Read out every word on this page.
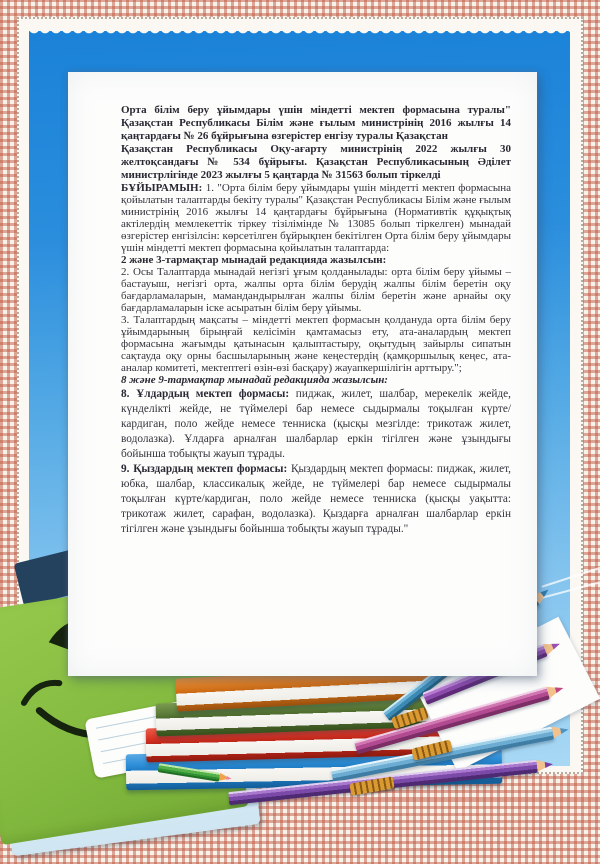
Орта білім беру ұйымдары үшін міндетті мектеп формасына туралы" Қазақстан Республикасы Білім және ғылым министрінің 2016 жылғы 14 қаңтардағы № 26 бұйрығына өзгерістер енгізу туралы Қазақстан

Қазақстан Республикасы Оқу-ағарту министрінің 2022 жылғы 30 желтоқсандағы № 534 бұйрығы. Қазақстан Республикасының Әділет министрлігінде 2023 жылғы 5 қаңтарда № 31563 болып тіркелді

БҰЙЫРАМЫН: 1. "Орта білім беру ұйымдары үшін міндетті мектеп формасына қойылатын талаптарды бекіту туралы" Қазақстан Республикасы Білім және ғылым министрінің 2016 жылғы 14 қаңтардағы бұйрығына (Нормативтік құқықтық актілердің мемлекеттік тіркеу тізілімінде № 13085 болып тіркелген) мынадай өзгерістер енгізілсін: көрсетілген бұйрықпен бекітілген Орта білім беру ұйымдары үшін міндетті мектеп формасына қойылатын талаптарда:

2 және 3-тармақтар мынадай редакцияда жазылсын:

2. Осы Талаптарда мынадай негізгі ұғым қолданылады: орта білім беру ұйымы – бастауыш, негізгі орта, жалпы орта білім берудің жалпы білім беретін оқу бағдарламаларын, мамандандырылған жалпы білім беретін және арнайы оқу бағдарламаларын іске асыратын білім беру ұйымы.

3. Талаптардың мақсаты – міндетті мектеп формасын қолдануда орта білім беру ұйымдарының бірыңғай келісімін қамтамасыз ету, ата-аналардың мектеп формасына жағымды қатынасын қалыптастыру, оқытудың зайырлы сипатын сақтауда оқу орны басшыларының және кеңестердің (қамқоршылық кеңес, ата-аналар комитеті, мектептегі өзін-өзі басқару) жауапкершілігін арттыру.";

8 және 9-тармақтар мынадай редакцияда жазылсын:

8. Ұлдардың мектеп формасы: пиджак, жилет, шалбар, мерекелік жейде, күнделікті жейде, не түймелері бар немесе сыдырмалы тоқылған күрте/кардиган, поло жейде немесе тенниска (қысқы мезгілде: трикотаж жилет, водолазка). Ұлдарға арналған шалбарлар еркін тігілген және ұзындығы бойынша тобықты жауып тұрады.

9. Қыздардың мектеп формасы: Қыздардың мектеп формасы: пиджак, жилет, юбка, шалбар, классикалық жейде, не түймелері бар немесе сыдырмалы тоқылған күрте/кардиган, поло жейде немесе тенниска (қысқы уақытта: трикотаж жилет, сарафан, водолазка). Қыздарға арналған шалбарлар еркін тігілген және ұзындығы бойынша тобықты жауып тұрады."
